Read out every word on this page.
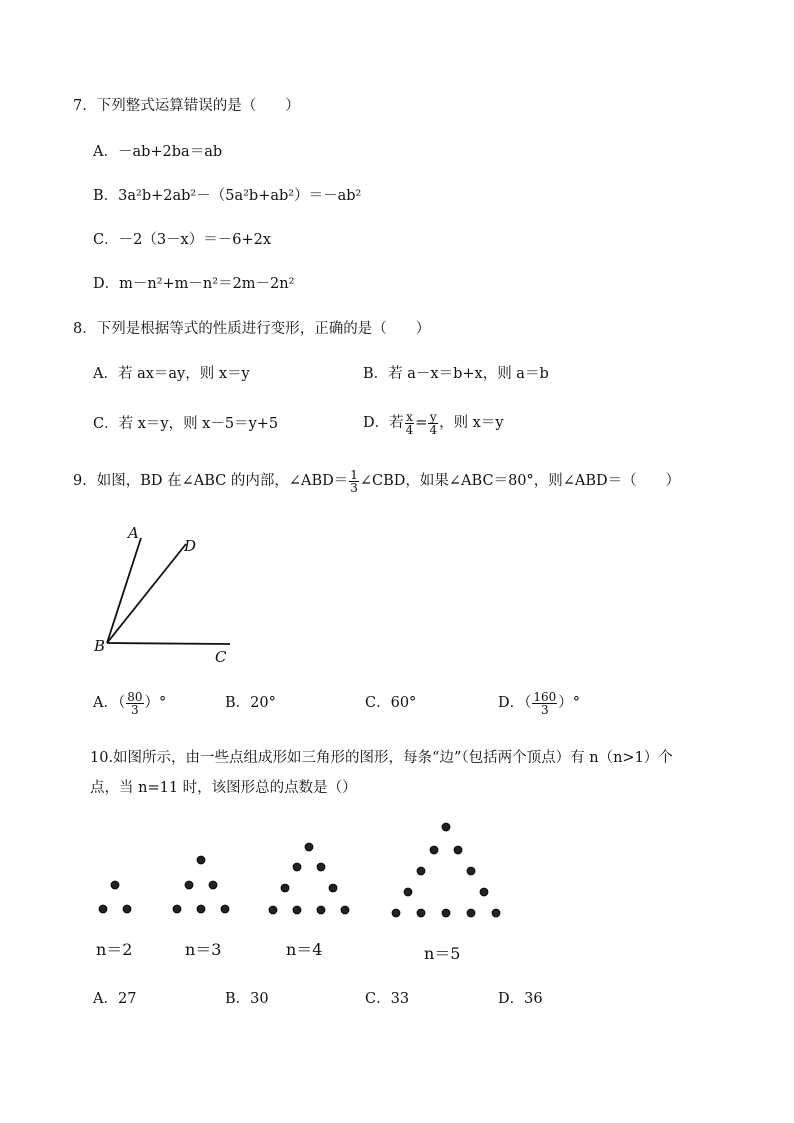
7．下列整式运算错误的是（　　）
A．－ab+2ba＝ab
B．3a²b+2ab²－（5a²b+ab²）＝－ab²
C．－2（3－x）＝－6+2x
D．m－n²+m－n²＝2m－2n²
8．下列是根据等式的性质进行变形，正确的是（　　）
A．若 ax＝ay，则 x＝y	B．若 a－x＝b+x，则 a＝b
C．若 x＝y，则 x－5＝y+5	D．若 $\frac{x}{4} = \frac{y}{4}$ ，则 x＝y
9．如图，BD 在∠ABC 的内部，∠ABD＝ $\frac{1}{3}$ ∠CBD，如果∠ABC＝80°，则∠ABD＝（　　）
A
D
B
C
A．（ $\frac{80}{3}$ ）°	B．20°	C．60°	D．（ $\frac{160}{3}$ ）°
10.如图所示，由一些点组成形如三角形的图形，每条“边”（包括两个顶点）有 n（n>1）个
点，当 n=11 时，该图形总的点数是（）
n＝2	n＝3	n＝4	n＝5
A．27	B．30	C．33	D．36
